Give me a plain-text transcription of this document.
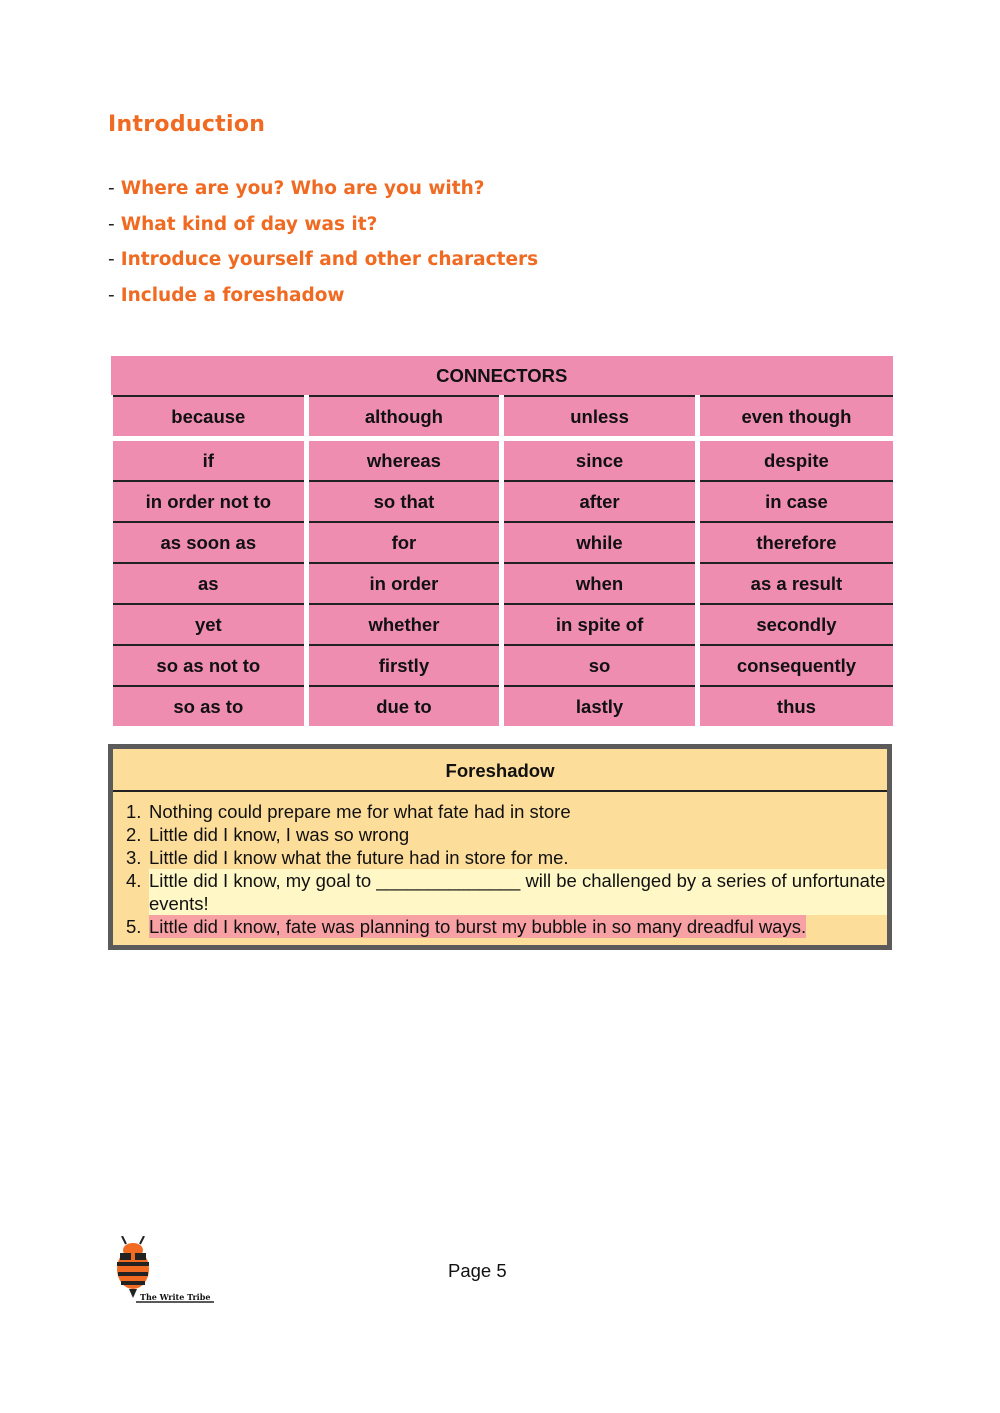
Introduction
- Where are you? Who are you with?
- What kind of day was it?
- Introduce yourself and other characters
- Include a foreshadow
CONNECTORS			
because	although	unless	even though
if	whereas	since	despite
in order not to	so that	after	in case
as soon as	for	while	therefore
as	in order	when	as a result
yet	whether	in spite of	secondly
so as not to	firstly	so	consequently
so as to	due to	lastly	thus
Foreshadow
1. Nothing could prepare me for what fate had in store
2. Little did I know, I was so wrong
3. Little did I know what the future had in store for me.
4. Little did I know, my goal to ______________ will be challenged by a series of unfortunate events!
5. Little did I know, fate was planning to burst my bubble in so many dreadful ways.
The Write Tribe
Page 5
